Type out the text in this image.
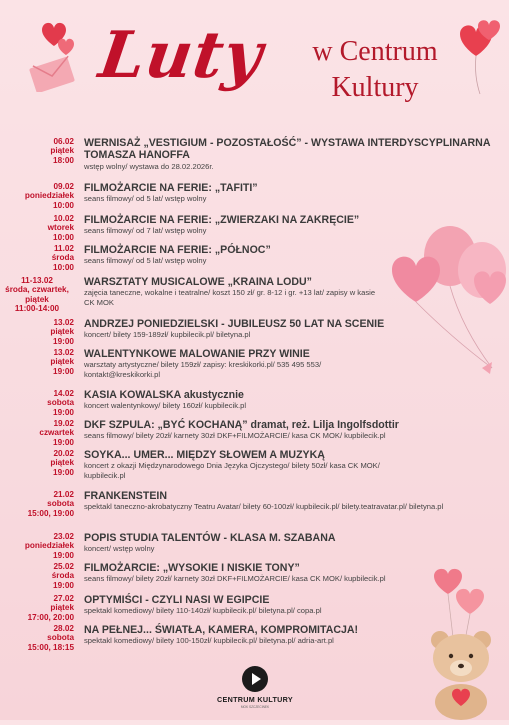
Luty	w Centrum
Kultury
06.02
piątek
18:00
WERNISAŻ „VESTIGIUM - POZOSTAŁOŚĆ” - WYSTAWA INTERDYSCYPLINARNA TOMASZA HANOFFA
wstęp wolny/ wystawa do 28.02.2026r.
09.02
poniedziałek
10:00
FILMOŻARCIE NA FERIE: „TAFITI”
seans filmowy/ od 5 lat/ wstęp wolny
10.02
wtorek
10:00
FILMOŻARCIE NA FERIE: „ZWIERZAKI NA ZAKRĘCIE”
seans filmowy/ od 7 lat/ wstęp wolny
11.02
środa
10:00
FILMOŻARCIE NA FERIE: „PÓŁNOC”
seans filmowy/ od 5 lat/ wstęp wolny
11-13.02
środa, czwartek,
piątek
11:00-14:00
WARSZTATY MUSICALOWE „KRAINA LODU”
zajęcia taneczne, wokalne i teatralne/ koszt 150 zł/ gr. 8-12 i gr. +13 lat/ zapisy w kasie CK MOK
13.02
piątek
19:00
ANDRZEJ PONIEDZIELSKI - JUBILEUSZ 50 LAT NA SCENIE
koncert/ bilety 159-189zł/ kupbilecik.pl/ biletyna.pl
13.02
piątek
19:00
WALENTYNKOWE MALOWANIE PRZY WINIE
warsztaty artystyczne/ bilety 159zł/ zapisy: kreskikorki.pl/ 535 495 553/ kontakt@kreskikorki.pl
14.02
sobota
19:00
KASIA KOWALSKA akustycznie
koncert walentynkowy/ bilety 160zł/ kupbilecik.pl
19.02
czwartek
19:00
DKF SZPULA: „BYĆ KOCHANĄ” dramat, reż. Lilja Ingolfsdottir
seans filmowy/ bilety 20zł/ karnety 30zł DKF+FILMOŻARCIE/ kasa CK MOK/ kupbilecik.pl
20.02
piątek
19:00
SOYKA... UMER... MIĘDZY SŁOWEM A MUZYKĄ
koncert z okazji Międzynarodowego Dnia Języka Ojczystego/ bilety 50zł/ kasa CK MOK/ kupbilecik.pl
21.02
sobota
15:00, 19:00
FRANKENSTEIN
spektakl taneczno-akrobatyczny Teatru Avatar/ bilety 60-100zł/ kupbilecik.pl/ bilety.teatravatar.pl/ biletyna.pl
23.02
poniedziałek
19:00
POPIS STUDIA TALENTÓW - KLASA M. SZABANA
koncert/ wstęp wolny
25.02
środa
19:00
FILMOŻARCIE: „WYSOKIE I NISKIE TONY”
seans filmowy/ bilety 20zł/ karnety 30zł DKF+FILMOŻARCIE/ kasa CK MOK/ kupbilecik.pl
27.02
piątek
17:00, 20:00
OPTYMIŚCI - CZYLI NASI W EGIPCIE
spektakl komediowy/ bilety 110-140zł/ kupbilecik.pl/ biletyna.pl/ copa.pl
28.02
sobota
15:00, 18:15
NA PEŁNEJ... ŚWIATŁA, KAMERA, KOMPROMITACJA!
spektakl komediowy/ bilety 100-150zł/ kupbilecik.pl/ biletyna.pl/ adria-art.pl
CENTRUM KULTURY
MOK SZCZECINEK
